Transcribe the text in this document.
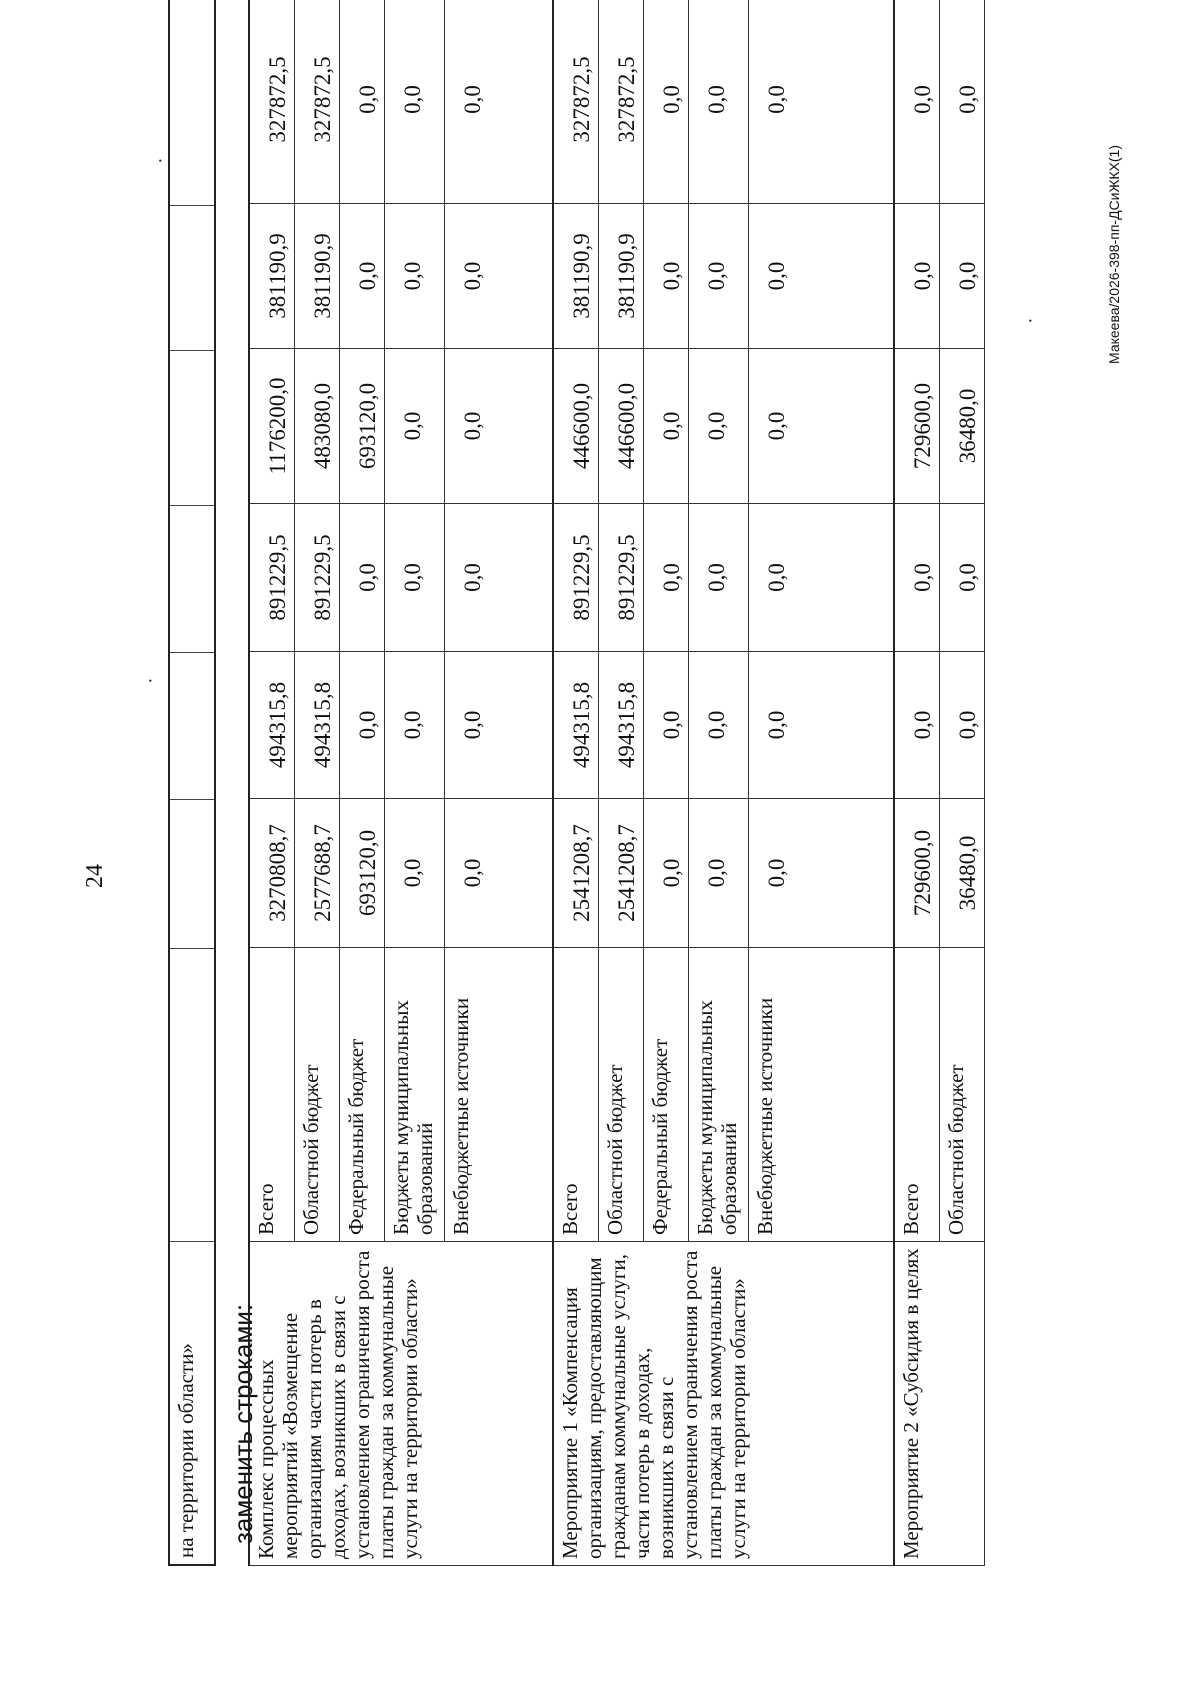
24
на территории области»	заменить строками:
Комплекс процессных мероприятий «Возмещение организациям части потерь в доходах, возникших в связи с установлением ограничения роста платы граждан за коммунальные услуги на территории области»	Всего	3270808,7	494315,8	891229,5	1176200,0	381190,9	327872,5
	Областной бюджет	2577688,7	494315,8	891229,5	483080,0	381190,9	327872,5
	Федеральный бюджет	693120,0	0,0	0,0	693120,0	0,0	0,0
	Бюджеты муниципальных образований	0,0	0,0	0,0	0,0	0,0	0,0
	Внебюджетные источники	0,0	0,0	0,0	0,0	0,0	0,0
Мероприятие 1 «Компенсация организациям, предоставляющим гражданам коммунальные услуги, части потерь в доходах, возникших в связи с установлением ограничения роста платы граждан за коммунальные услуги на территории области»	Всего	2541208,7	494315,8	891229,5	446600,0	381190,9	327872,5
	Областной бюджет	2541208,7	494315,8	891229,5	446600,0	381190,9	327872,5
	Федеральный бюджет	0,0	0,0	0,0	0,0	0,0	0,0
	Бюджеты муниципальных образований	0,0	0,0	0,0	0,0	0,0	0,0
	Внебюджетные источники	0,0	0,0	0,0	0,0	0,0	0,0
Мероприятие 2 «Субсидия в целях	Всего	729600,0	0,0	0,0	729600,0	0,0	0,0
	Областной бюджет	36480,0	0,0	0,0	36480,0	0,0	0,0
Макеева/2026-398-пп-ДСиЖКХ(1)
·
·
·
